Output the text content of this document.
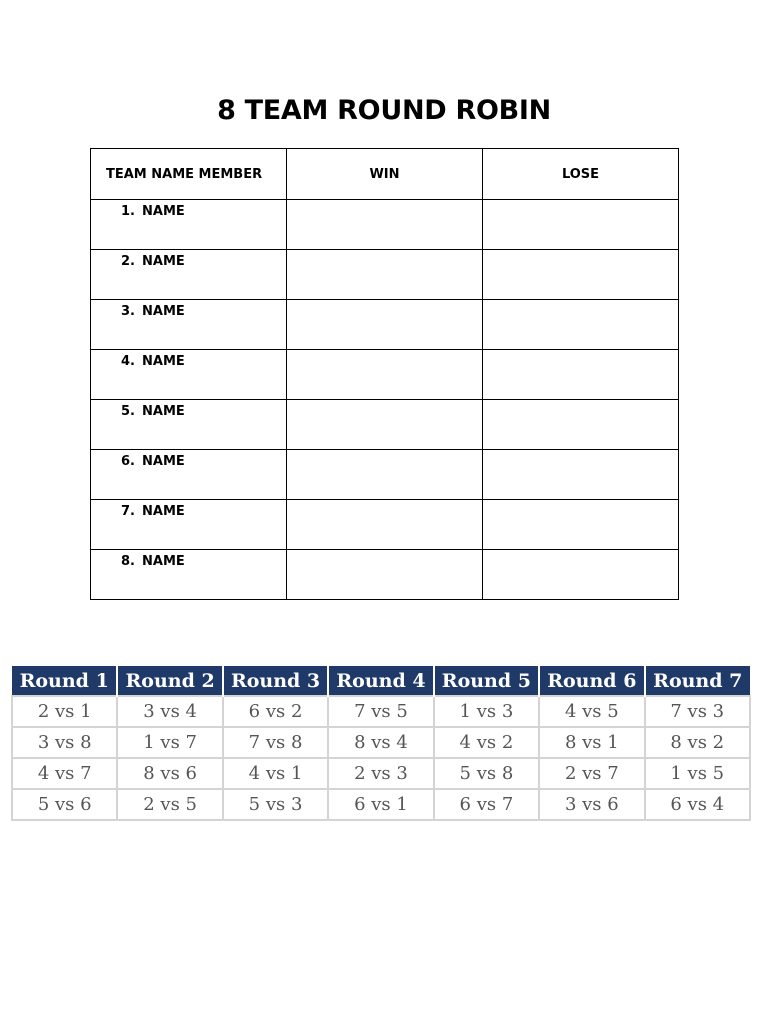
8 TEAM ROUND ROBIN
TEAM NAME MEMBER	WIN	LOSE
1. NAME		
2. NAME		
3. NAME		
4. NAME		
5. NAME		
6. NAME		
7. NAME		
8. NAME		
Round 1	Round 2	Round 3	Round 4	Round 5	Round 6	Round 7
2 vs 1	3 vs 4	6 vs 2	7 vs 5	1 vs 3	4 vs 5	7 vs 3
3 vs 8	1 vs 7	7 vs 8	8 vs 4	4 vs 2	8 vs 1	8 vs 2
4 vs 7	8 vs 6	4 vs 1	2 vs 3	5 vs 8	2 vs 7	1 vs 5
5 vs 6	2 vs 5	5 vs 3	6 vs 1	6 vs 7	3 vs 6	6 vs 4
